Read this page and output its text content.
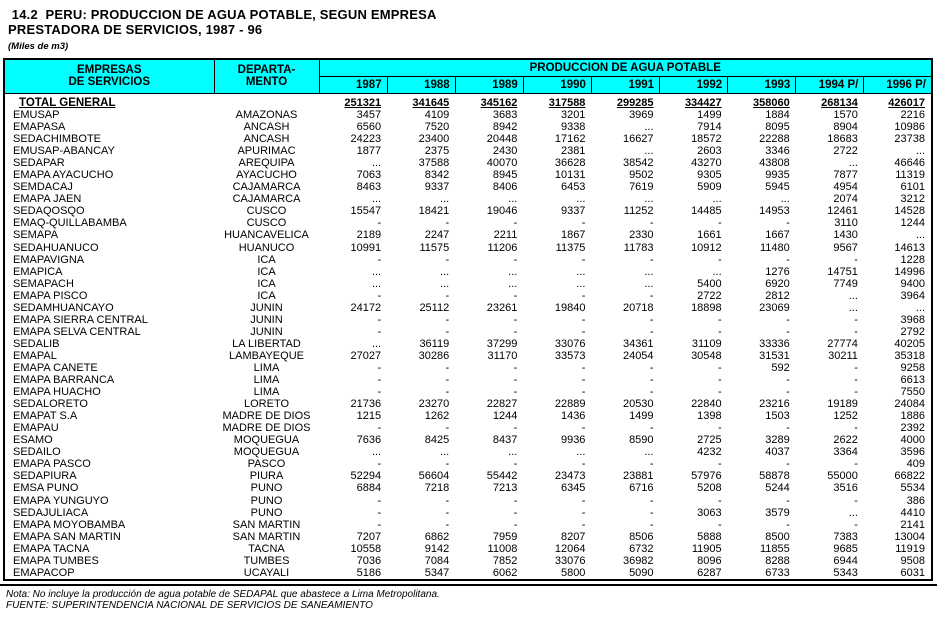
14.2  PERU: PRODUCCION DE AGUA POTABLE, SEGUN EMPRESA
PRESTADORA DE SERVICIOS, 1987 - 96
(Miles de m3)
EMPRESAS
DE SERVICIOS

DEPARTA-
MENTO
	PRODUCCION DE AGUA POTABLE
		1987	1988	1989	1990	1991	1992	1993	1994 P/	1996 P/
TOTAL GENERAL		251321	341645	345162	317588	299285	334427	358060	268134	426017
EMUSAP	AMAZONAS	3457	4109	3683	3201	3969	1499	1884	1570	2216
EMAPASA	ANCASH	6560	7520	8942	9338	...	7914	8095	8904	10986
SEDACHIMBOTE	ANCASH	24223	23400	20448	17162	16627	18572	22288	18683	23738
EMUSAP-ABANCAY	APURIMAC	1877	2375	2430	2381	...	2603	3346	2722	...
SEDAPAR	AREQUIPA	...	37588	40070	36628	38542	43270	43808	...	46646
EMAPA AYACUCHO	AYACUCHO	7063	8342	8945	10131	9502	9305	9935	7877	11319
SEMDACAJ	CAJAMARCA	8463	9337	8406	6453	7619	5909	5945	4954	6101
EMAPA JAEN	CAJAMARCA	...	...	...	...	...	...	...	2074	3212
SEDAQOSQO	CUSCO	15547	18421	19046	9337	11252	14485	14953	12461	14528
EMAQ-QUILLABAMBA	CUSCO	-	-	-	-	-	-	-	3110	1244
SEMAPA	HUANCAVELICA	2189	2247	2211	1867	2330	1661	1667	1430	...
SEDAHUANUCO	HUANUCO	10991	11575	11206	11375	11783	10912	11480	9567	14613
EMAPAVIGNA	ICA	-	-	-	-	-	-	-	-	1228
EMAPICA	ICA	...	...	...	...	...	...	1276	14751	14996
SEMAPACH	ICA	...	...	...	...	...	5400	6920	7749	9400
EMAPA PISCO	ICA	-	-	-	-	-	2722	2812	...	3964
SEDAMHUANCAYO	JUNIN	24172	25112	23261	19840	20718	18898	23069	...	...
EMAPA SIERRA CENTRAL	JUNIN	-	-	-	-	-	-	-	-	3968
EMAPA SELVA CENTRAL	JUNIN	-	-	-	-	-	-	-	-	2792
SEDALIB	LA LIBERTAD	...	36119	37299	33076	34361	31109	33336	27774	40205
EMAPAL	LAMBAYEQUE	27027	30286	31170	33573	24054	30548	31531	30211	35318
EMAPA CANETE	LIMA	-	-	-	-	-	-	592	-	9258
EMAPA BARRANCA	LIMA	-	-	-	-	-	-	-	-	6613
EMAPA HUACHO	LIMA	-	-	-	-	-	-	-	-	7550
SEDALORETO	LORETO	21736	23270	22827	22889	20530	22840	23216	19189	24084
EMAPAT S.A	MADRE DE DIOS	1215	1262	1244	1436	1499	1398	1503	1252	1886
EMAPAU	MADRE DE DIOS	-	-	-	-	-	-	-	-	2392
ESAMO	MOQUEGUA	7636	8425	8437	9936	8590	2725	3289	2622	4000
SEDAILO	MOQUEGUA	...	...	...	...	...	4232	4037	3364	3596
EMAPA PASCO	PASCO	-	-	-	-	-	-	-	-	409
SEDAPIURA	PIURA	52294	56604	55442	23473	23881	57976	58878	55000	66822
EMSA PUNO	PUNO	6884	7218	7213	6345	6716	5208	5244	3516	5534
EMAPA YUNGUYO	PUNO	-	-	-	-	-	-	-	-	386
SEDAJULIACA	PUNO	-	-	-	-	-	3063	3579	...	4410
EMAPA MOYOBAMBA	SAN MARTIN	-	-	-	-	-	-	-	-	2141
EMAPA SAN MARTIN	SAN MARTIN	7207	6862	7959	8207	8506	5888	8500	7383	13004
EMAPA TACNA	TACNA	10558	9142	11008	12064	6732	11905	11855	9685	11919
EMAPA TUMBES	TUMBES	7036	7084	7852	33076	36982	8096	8288	6944	9508
EMAPACOP	UCAYALI	5186	5347	6062	5800	5090	6287	6733	5343	6031
Nota: No incluye la producción de agua potable de SEDAPAL que abastece a Lima Metropolitana.
FUENTE: SUPERINTENDENCIA NACIONAL DE SERVICIOS DE SANEAMIENTO
